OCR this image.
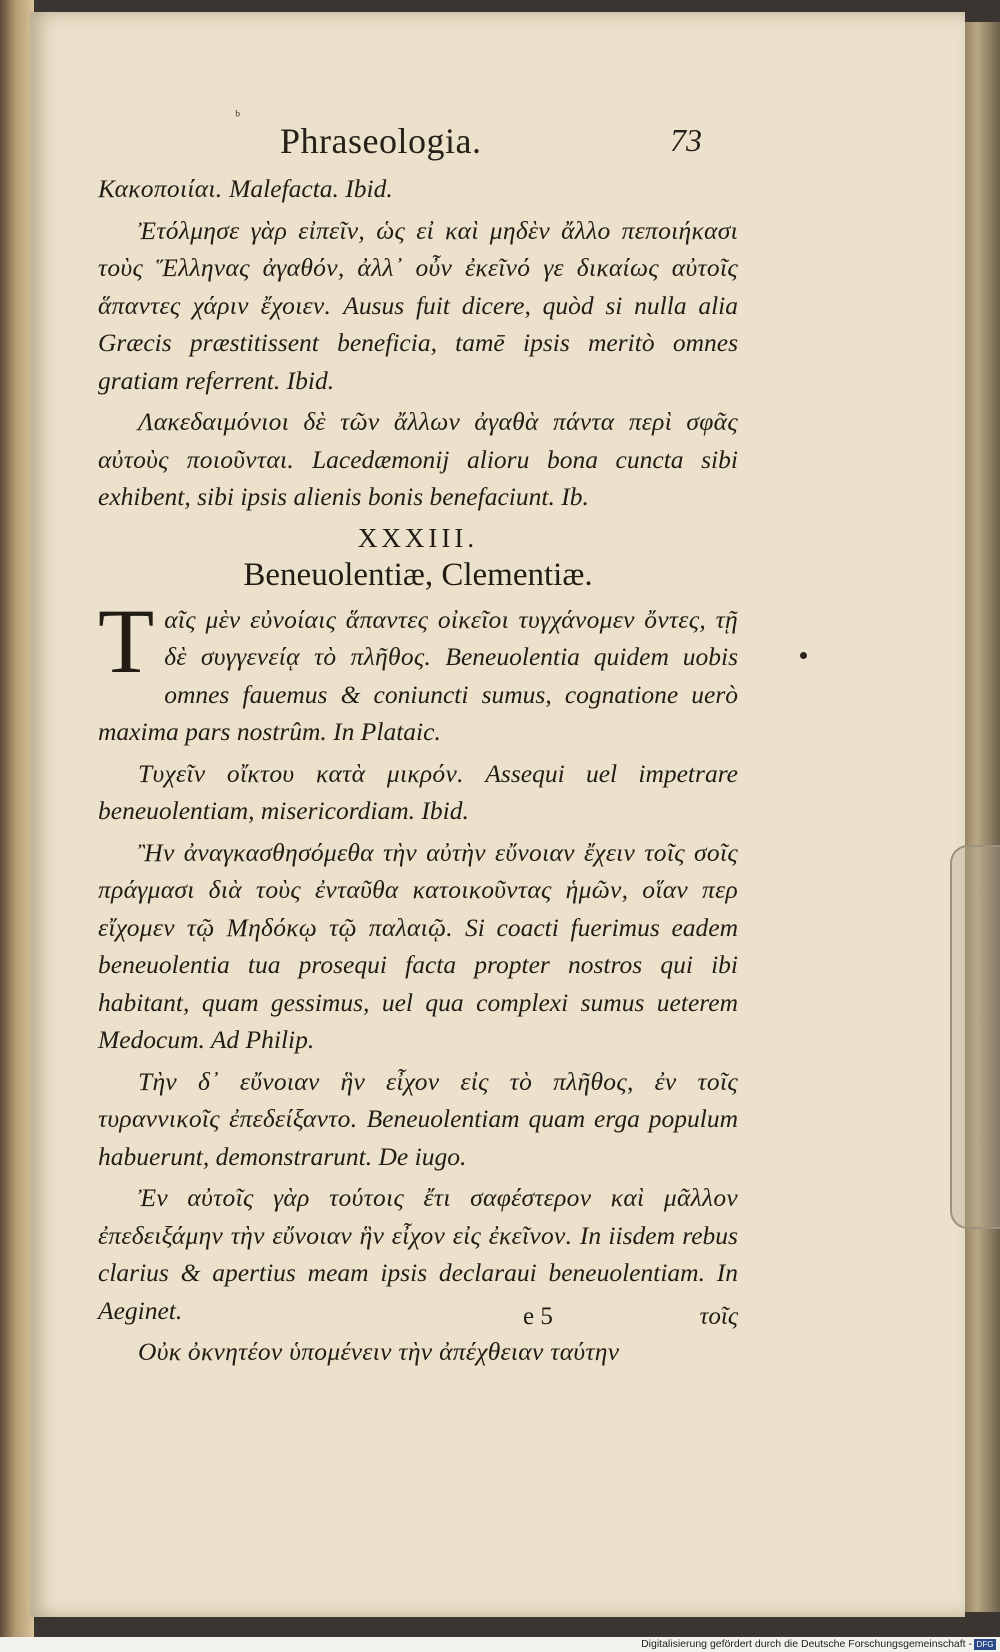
ᵇ
Phraseologia.	73

Κακοποιίαι. Malefacta. Ibid.

Ἐτόλμησε γὰρ εἰπεῖν, ὡς εἰ καὶ μηδὲν ἄλλο πεποιήκασι τοὺς Ἕλληνας ἀγαθόν, ἀλλ᾽ οὖν ἐκεῖνό γε δικαίως αὐτοῖς ἅπαντες χάριν ἔχοιεν. Ausus fuit dicere, quòd si nulla alia Græcis præstitissent beneficia, tamē ipsis meritò omnes gratiam referrent. Ibid.

Λακεδαιμόνιοι δὲ τῶν ἄλλων ἀγαθὰ πάντα περὶ σφᾶς αὐτοὺς ποιοῦνται. Lacedæmonij alioru bona cuncta sibi exhibent, sibi ipsis alienis bonis benefaciunt. Ib.

XXXIII.
Beneuolentiæ, Clementiæ.

Tαῖς μὲν εὐνοίαις ἅπαντες οἰκεῖοι τυγχάνομεν ὄντες, τῇ δὲ συγγενείᾳ τὸ πλῆθος. Beneuolentia quidem uobis omnes fauemus & coniuncti sumus, cognatione uerò maxima pars nostrûm. In Plataic.

Τυχεῖν οἴκτου κατὰ μικρόν. Assequi uel impetrare beneuolentiam, misericordiam. Ibid.

Ἢν ἀναγκασθησόμεθα τὴν αὐτὴν εὔνοιαν ἔχειν τοῖς σοῖς πράγμασι διὰ τοὺς ἐνταῦθα κατοικοῦντας ἡμῶν, οἵαν περ εἴχομεν τῷ Μηδόκῳ τῷ παλαιῷ. Si coacti fuerimus eadem beneuolentia tua prosequi facta propter nostros qui ibi habitant, quam gessimus, uel qua complexi sumus ueterem Medocum. Ad Philip.

Τὴν δ᾽ εὔνοιαν ἣν εἶχον εἰς τὸ πλῆθος, ἐν τοῖς τυραννικοῖς ἐπεδείξαντο. Beneuolentiam quam erga populum habuerunt, demonstrarunt. De iugo.

Ἐν αὐτοῖς γὰρ τούτοις ἔτι σαφέστερον καὶ μᾶλλον ἐπεδειξάμην τὴν εὔνοιαν ἣν εἶχον εἰς ἐκεῖνον. In iisdem rebus clarius & apertius meam ipsis declaraui beneuolentiam. In Aeginet.

Οὐκ ὀκνητέον ὑπομένειν τὴν ἀπέχθειαν ταύτην

e 5	τοῖς
Digitalisierung gefördert durch die Deutsche Forschungsgemeinschaft - DFG
